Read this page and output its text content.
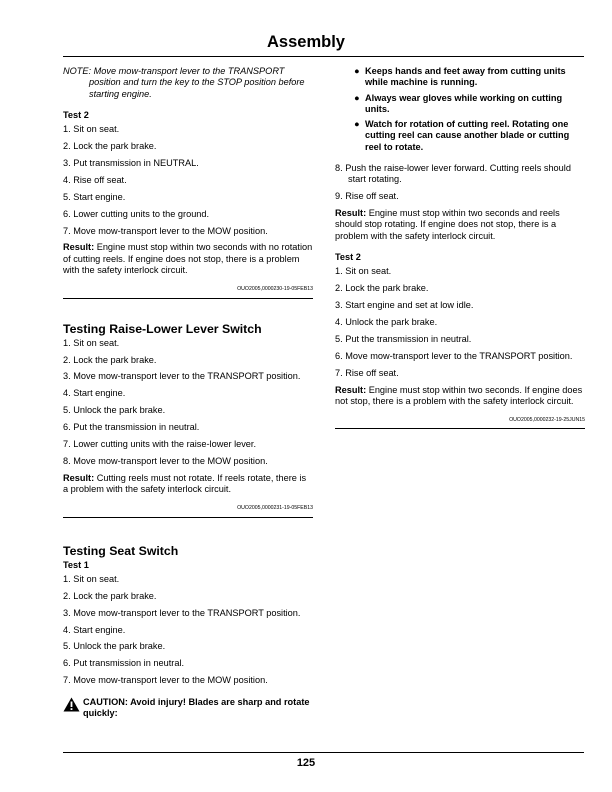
Assembly

NOTE: Move mow-transport lever to the TRANSPORT position and turn the key to the STOP position before starting engine.

Test 2

1. Sit on seat.

2. Lock the park brake.

3. Put transmission in NEUTRAL.

4. Rise off seat.

5. Start engine.

6. Lower cutting units to the ground.

7. Move mow-transport lever to the MOW position.

Result: Engine must stop within two seconds with no rotation of cutting reels. If engine does not stop, there is a problem with the safety interlock circuit.

OUO2005,0000230-19-05FEB13

Testing Raise-Lower Lever Switch

1. Sit on seat.

2. Lock the park brake.

3. Move mow-transport lever to the TRANSPORT position.

4. Start engine.

5. Unlock the park brake.

6. Put the transmission in neutral.

7. Lower cutting units with the raise-lower lever.

8. Move mow-transport lever to the MOW position.

Result: Cutting reels must not rotate. If reels rotate, there is a problem with the safety interlock circuit.

OUO2005,0000231-19-05FEB13

Testing Seat Switch

Test 1

1. Sit on seat.

2. Lock the park brake.

3. Move mow-transport lever to the TRANSPORT position.

4. Start engine.

5. Unlock the park brake.

6. Put transmission in neutral.

7. Move mow-transport lever to the MOW position.

CAUTION: Avoid injury! Blades are sharp and rotate quickly:

● Keeps hands and feet away from cutting units while machine is running.

● Always wear gloves while working on cutting units.

● Watch for rotation of cutting reel. Rotating one cutting reel can cause another blade or cutting reel to rotate.

8. Push the raise-lower lever forward. Cutting reels should start rotating.

9. Rise off seat.

Result: Engine must stop within two seconds and reels should stop rotating. If engine does not stop, there is a problem with the safety interlock circuit.

Test 2

1. Sit on seat.

2. Lock the park brake.

3. Start engine and set at low idle.

4. Unlock the park brake.

5. Put the transmission in neutral.

6. Move mow-transport lever to the TRANSPORT position.

7. Rise off seat.

Result: Engine must stop within two seconds. If engine does not stop, there is a problem with the safety interlock circuit.

OUO2005,0000232-19-25JUN15

125
